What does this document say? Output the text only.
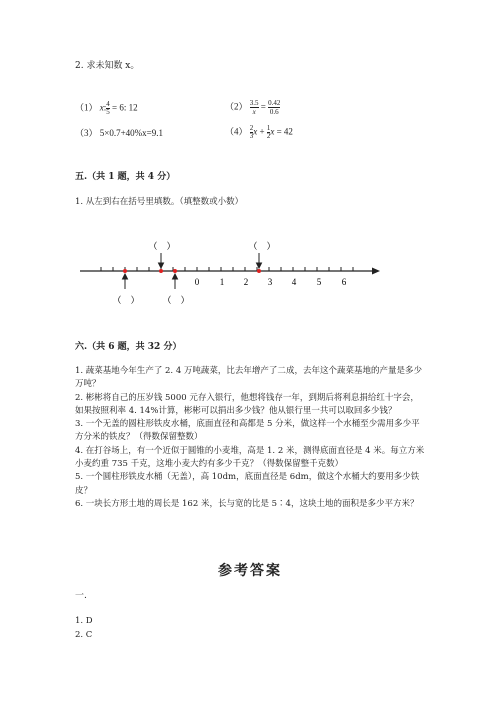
2. 求未知数 x。
（1） x: $\frac{4}{5} = 6$: 12	$(2) \frac{3.5}{x} = \frac{0.42}{0.6}$
（3） 5×0.7+40%x=9.1	$(4) \frac{2}{3}$ $x + \frac{1}{2}$ x = 42
五.（共 1 题，共 4 分）
1. 从左到右在括号里填数。（填整数或小数）
0 1 2 3 4 5 6
（　）	（　）
（　）	（　）
六.（共 6 题，共 32 分）
1. 蔬菜基地今年生产了 2. 4 万吨蔬菜，比去年增产了二成，去年这个蔬菜基地的产量是多少万吨？
2. 彬彬将自己的压岁钱 5000 元存入银行，他想将钱存一年，到期后将利息捐给红十字会，如果按照利率 4. 14%计算，彬彬可以捐出多少钱？他从银行里一共可以取回多少钱？
3. 一个无盖的圆柱形铁皮水桶，底面直径和高都是 5 分米，做这样一个水桶至少需用多少平方分米的铁皮？（得数保留整数）
4. 在打谷场上，有一个近似于圆锥的小麦堆，高是 1. 2 米，测得底面直径是 4 米。每立方米小麦约重 735 千克，这堆小麦大约有多少千克？（得数保留整千克数）
5. 一个圆柱形铁皮水桶（无盖），高 10dm，底面直径是 6dm，做这个水桶大约要用多少铁皮？
6. 一块长方形土地的周长是 162 米，长与宽的比是 5∶4，这块土地的面积是多少平方米？
参考答案
一.
1. D
2. C
